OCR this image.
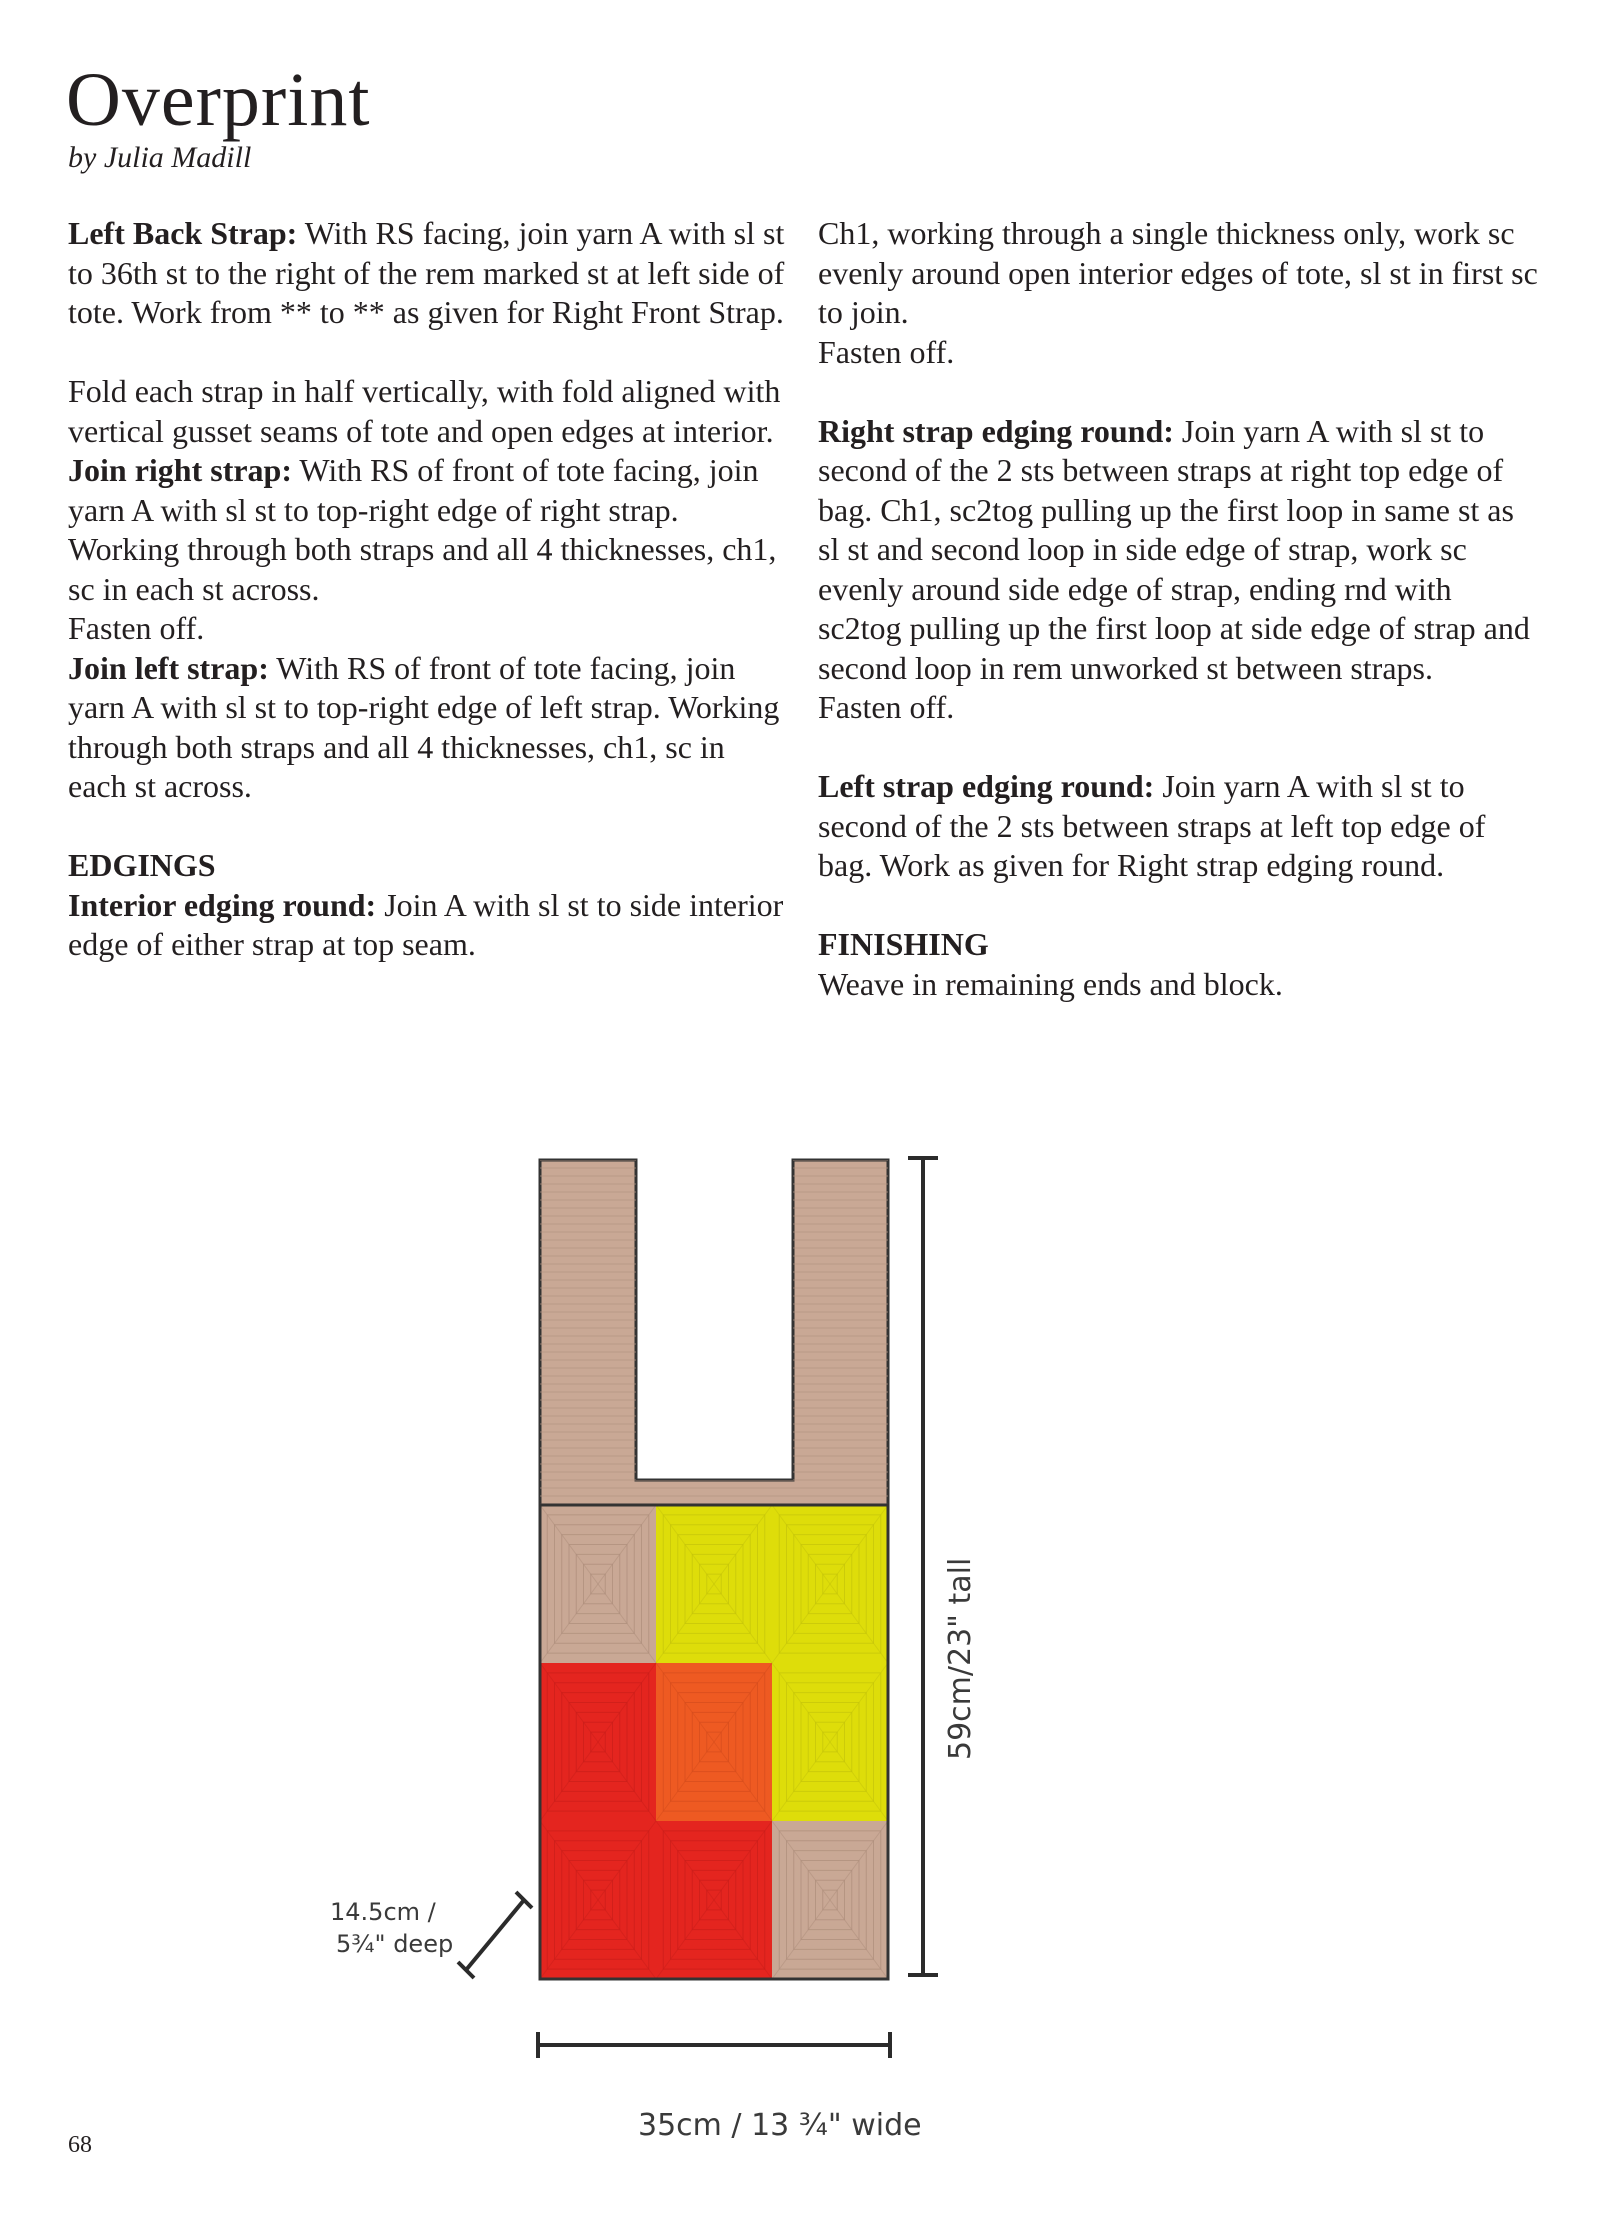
Overprint
by Julia Madill

Left Back Strap: With RS facing, join yarn A with sl st to 36th st to the right of the rem marked st at left side of tote. Work from ** to ** as given for Right Front Strap.

Fold each strap in half vertically, with fold aligned with vertical gusset seams of tote and open edges at interior.

Join right strap: With RS of front of tote facing, join yarn A with sl st to top-right edge of right strap. Working through both straps and all 4 thicknesses, ch1, sc in each st across.

Fasten off.

Join left strap: With RS of front of tote facing, join yarn A with sl st to top-right edge of left strap. Working through both straps and all 4 thicknesses, ch1, sc in each st across.

EDGINGS

Interior edging round: Join A with sl st to side interior edge of either strap at top seam.

Ch1, working through a single thickness only, work sc evenly around open interior edges of tote, sl st in first sc to join.

Fasten off.

Right strap edging round: Join yarn A with sl st to second of the 2 sts between straps at right top edge of bag. Ch1, sc2tog pulling up the first loop in same st as sl st and second loop in side edge of strap, work sc evenly around side edge of strap, ending rnd with sc2tog pulling up the first loop at side edge of strap and second loop in rem unworked st between straps.

Fasten off.

Left strap edging round: Join yarn A with sl st to second of the 2 sts between straps at left top edge of bag. Work as given for Right strap edging round.

FINISHING

Weave in remaining ends and block.

59cm/23" tall
35cm / 13 ¾" wide
14.5cm /
5¾" deep
68
